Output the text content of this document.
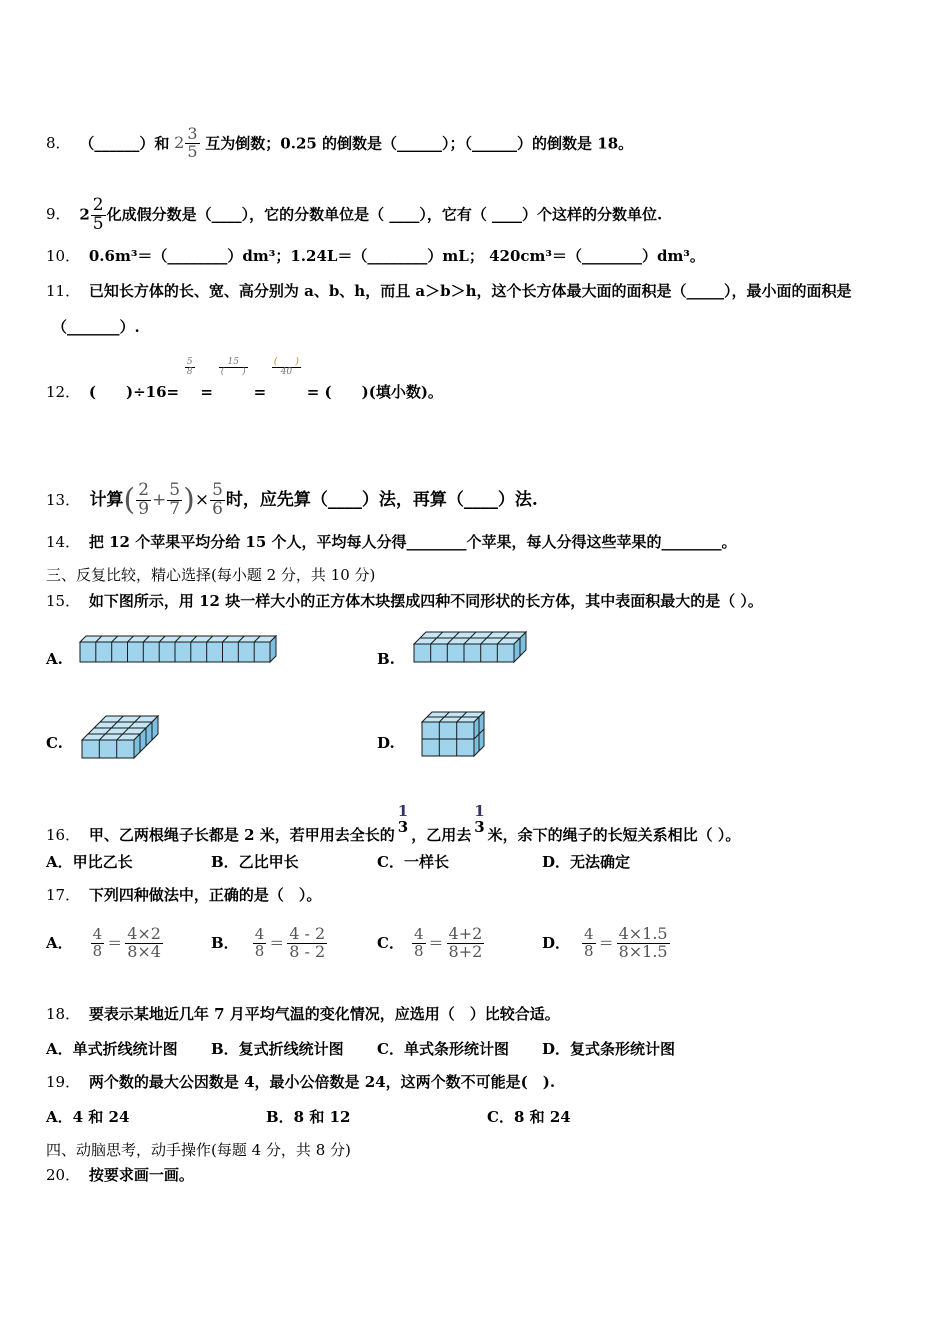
8． （______）和 $2 \frac{3}{5}$ 互为倒数；0.25 的倒数是（______）；（______）的倒数是 18。
9． $2 \frac{2}{5}$ 化成假分数是（____），它的分数单位是（ ____），它有（ ____）个这样的分数单位.
10． 0.6m³＝（________）dm³；1.24L＝（________）mL； 420cm³＝（________）dm³。
11． 已知长方体的长、宽、高分别为 a、b、h，而且 a＞b＞h，这个长方体最大面的面积是（_____），最小面的面积是
（_______）.
12． (　　)÷16=
$\frac{5}{8}$
=
$\frac{15}{( )}$
=
$\frac{( )}{40}$
= (　　)(填小数)。
13． 计算( $\frac{2}{9} + \frac{5}{7}$ )× $\frac{5}{6}$ 时，应先算（____）法，再算（____）法.
14． 把 12 个苹果平均分给 15 个人，平均每人分得________个苹果，每人分得这些苹果的________。
三、反复比较，精心选择(每小题 2 分，共 10 分)
15． 如下图所示，用 12 块一样大小的正方体木块摆成四种不同形状的长方体，其中表面积最大的是（ ）。
A.	B.
C.	D.
16． 甲、乙两根绳子长都是 2 米，若甲用去全长的
1
3 ，乙用去
1
3 米，余下的绳子的长短关系相比（ ）。
A．甲比乙长	B．乙比甲长	C．一样长	D．无法确定
17． 下列四种做法中，正确的是（　）。
A． $\frac{4}{8} = \frac{4\times 2}{8\times 4}$	B． $\frac{4}{8} = \frac{4 - 2}{8 - 2}$	C． $\frac{4}{8} = \frac{4+2}{8+2}$	D． $\frac{4}{8} = \frac{4\times 1.5}{8\times 1.5}$
18． 要表示某地近几年 7 月平均气温的变化情况，应选用（　）比较合适。
A．单式折线统计图 B．复式折线统计图 C．单式条形统计图 D．复式条形统计图
19． 两个数的最大公因数是 4，最小公倍数是 24，这两个数不可能是(　).
A．4 和 24	B．8 和 12	C．8 和 24
四、动脑思考，动手操作(每题 4 分，共 8 分)
20． 按要求画一画。
